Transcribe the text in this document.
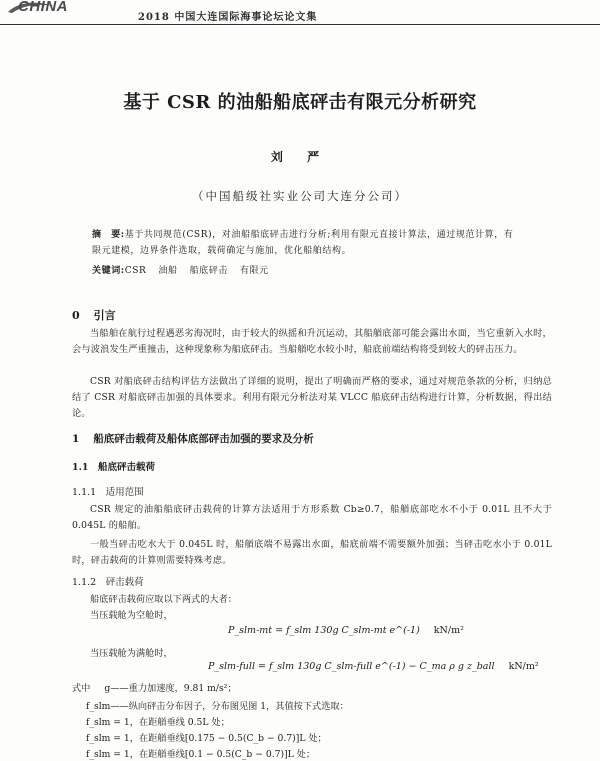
CHINA
2018 中国大连国际海事论坛论文集
基于 CSR 的油船船底砰击有限元分析研究
刘 严
（中国船级社实业公司大连分公司）
摘　要:基于共同规范(CSR)，对油船船底砰击进行分析;利用有限元直接计算法，通过规范计算，有限元建模，边界条件选取，载荷确定与施加，优化船舶结构。
关键词:CSR 油船 船底砰击 有限元
0 引言
当船舶在航行过程遇恶劣海况时，由于较大的纵摇和升沉运动，其船艏底部可能会露出水面，当它重新入水时，会与波浪发生严重撞击，这种现象称为船底砰击。当船艏吃水较小时，船底前端结构将受到较大的砰击压力。
CSR 对船底砰击结构评估方法做出了详细的说明，提出了明确而严格的要求，通过对规范条款的分析，归纳总结了 CSR 对船底砰击加强的具体要求。利用有限元分析法对某 VLCC 船底砰击结构进行计算，分析数据，得出结论。
1 船底砰击载荷及船体底部砰击加强的要求及分析
1.1　船底砰击载荷
1.1.1　适用范围
CSR 规定的油船船底砰击载荷的计算方法适用于方形系数 Cb≥0.7，船艏底部吃水不小于 0.01L 且不大于 0.045L 的船舶。
一般当砰击吃水大于 0.045L 时，船艏底端不易露出水面，船底前端不需要额外加强；当砰击吃水小于 0.01L 时，砰击载荷的计算则需要特殊考虑。
1.1.2　砰击载荷
船底砰击载荷应取以下两式的大者：
当压载舱为空舱时，
P_slm-mt = f_slm 130g C_slm-mt e^(-1) kN/m²
当压载舱为满舱时，
P_slm-full = f_slm 130g C_slm-full e^(-1) − C_ma ρ g z_ball kN/m²
式中 g——重力加速度，9.81 m/s²；
f_slm——纵向砰击分布因子，分布图见图 1，其值按下式选取：
f_slm = 1，在距艏垂线 0.5L 处；
f_slm = 1，在距艏垂线[0.175 − 0.5(C_b − 0.7)]L 处；
f_slm = 1，在距艏垂线[0.1 − 0.5(C_b − 0.7)]L 处；
